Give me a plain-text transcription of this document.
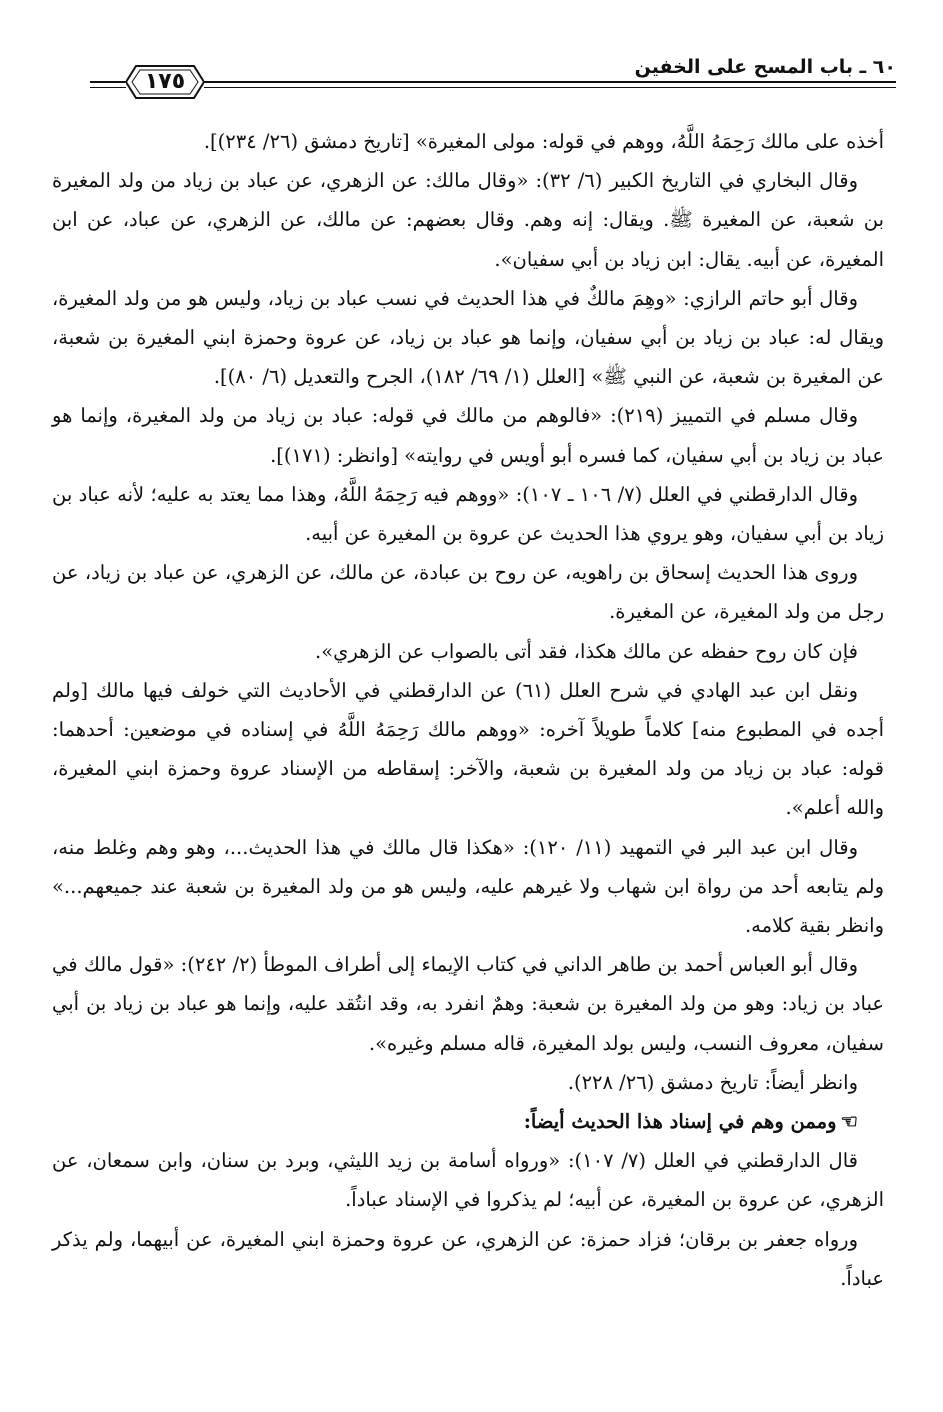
٦٠ ـ باب المسح على الخفين
١٧٥

أخذه على مالك رَحِمَهُ اللَّهُ، ووهم في قوله: مولى المغيرة» [تاريخ دمشق (٢٦/ ٢٣٤)].

وقال البخاري في التاريخ الكبير (٦/ ٣٢): «وقال مالك: عن الزهري، عن عباد بن زياد من ولد المغيرة بن شعبة، عن المغيرة ﷺ. ويقال: إنه وهم. وقال بعضهم: عن مالك، عن الزهري، عن عباد، عن ابن المغيرة، عن أبيه. يقال: ابن زياد بن أبي سفيان».

وقال أبو حاتم الرازي: «وهِمَ مالكٌ في هذا الحديث في نسب عباد بن زياد، وليس هو من ولد المغيرة، ويقال له: عباد بن زياد بن أبي سفيان، وإنما هو عباد بن زياد، عن عروة وحمزة ابني المغيرة بن شعبة، عن المغيرة بن شعبة، عن النبي ﷺ» [العلل (١/ ٦٩/ ١٨٢)، الجرح والتعديل (٦/ ٨٠)].

وقال مسلم في التمييز (٢١٩): «فالوهم من مالك في قوله: عباد بن زياد من ولد المغيرة، وإنما هو عباد بن زياد بن أبي سفيان، كما فسره أبو أويس في روايته» [وانظر: (١٧١)].

وقال الدارقطني في العلل (٧/ ١٠٦ ـ ١٠٧): «ووهم فيه رَحِمَهُ اللَّهُ، وهذا مما يعتد به عليه؛ لأنه عباد بن زياد بن أبي سفيان، وهو يروي هذا الحديث عن عروة بن المغيرة عن أبيه.

وروى هذا الحديث إسحاق بن راهويه، عن روح بن عبادة، عن مالك، عن الزهري، عن عباد بن زياد، عن رجل من ولد المغيرة، عن المغيرة.

فإن كان روح حفظه عن مالك هكذا، فقد أتى بالصواب عن الزهري».

ونقل ابن عبد الهادي في شرح العلل (٦١) عن الدارقطني في الأحاديث التي خولف فيها مالك [ولم أجده في المطبوع منه] كلاماً طويلاً آخره: «ووهم مالك رَحِمَهُ اللَّهُ في إسناده في موضعين: أحدهما: قوله: عباد بن زياد من ولد المغيرة بن شعبة، والآخر: إسقاطه من الإسناد عروة وحمزة ابني المغيرة، والله أعلم».

وقال ابن عبد البر في التمهيد (١١/ ١٢٠): «هكذا قال مالك في هذا الحديث...، وهو وهم وغلط منه، ولم يتابعه أحد من رواة ابن شهاب ولا غيرهم عليه، وليس هو من ولد المغيرة بن شعبة عند جميعهم...» وانظر بقية كلامه.

وقال أبو العباس أحمد بن طاهر الداني في كتاب الإيماء إلى أطراف الموطأ (٢/ ٢٤٢): «قول مالك في عباد بن زياد: وهو من ولد المغيرة بن شعبة: وهمٌ انفرد به، وقد انتُقد عليه، وإنما هو عباد بن زياد بن أبي سفيان، معروف النسب، وليس بولد المغيرة، قاله مسلم وغيره».

وانظر أيضاً: تاريخ دمشق (٢٦/ ٢٢٨).

☜وممن وهم في إسناد هذا الحديث أيضاً:

قال الدارقطني في العلل (٧/ ١٠٧): «ورواه أسامة بن زيد الليثي، وبرد بن سنان، وابن سمعان، عن الزهري، عن عروة بن المغيرة، عن أبيه؛ لم يذكروا في الإسناد عباداً.

ورواه جعفر بن برقان؛ فزاد حمزة: عن الزهري، عن عروة وحمزة ابني المغيرة، عن أبيهما، ولم يذكر عباداً.
